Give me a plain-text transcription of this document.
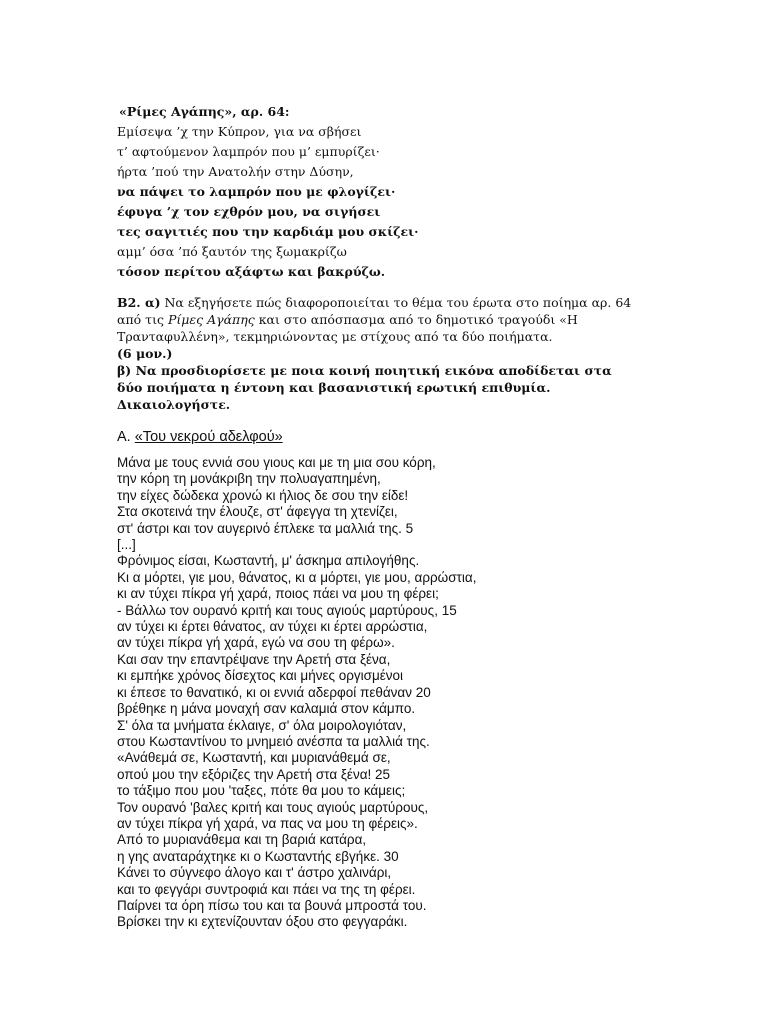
«Ρίμες Αγάπης», αρ. 64:
Εμίσεψα ’χ την Κύπρον, για να σβήσει
τ’ αφτούμενον λαμπρόν που μ’ εμπυρίζει·
ήρτα ’πού την Ανατολήν στην Δύσην,
να πάψει το λαμπρόν που με φλογίζει·
έφυγα ’χ τον εχθρόν μου, να σιγήσει
τες σαγιτιές που την καρδιάμ μου σκίζει·
αμμ’ όσα ’πό ξαυτόν της ξωμακρίζω
τόσον περίτου αξάφτω και βακρύζω.

Β2. α) Να εξηγήσετε πώς διαφοροποιείται το θέμα του έρωτα στο ποίημα αρ. 64 από τις Ρίμες Αγάπης και στο απόσπασμα από το δημοτικό τραγούδι «Η Τρανταφυλλένη», τεκμηριώνοντας με στίχους από τα δύο ποιήματα.

(6 μον.)

β) Να προσδιορίσετε με ποια κοινή ποιητική εικόνα αποδίδεται στα δύο ποιήματα η έντονη και βασανιστική ερωτική επιθυμία. Δικαιολογήστε.

Α. «Του νεκρού αδελφού»
Μάνα με τους εννιά σου γιους και με τη μια σου κόρη,
την κόρη τη μονάκριβη την πολυαγαπημένη,
την είχες δώδεκα χρονώ κι ήλιος δε σου την είδε!
Στα σκοτεινά την έλουζε, στ' άφεγγα τη χτενίζει,
στ' άστρι και τον αυγερινό έπλεκε τα μαλλιά της. 5
[...]
Φρόνιμος είσαι, Κωσταντή, μ' άσκημα απιλογήθης.
Κι α μόρτει, γιε μου, θάνατος, κι α μόρτει, γιε μου, αρρώστια,
κι αν τύχει πίκρα γή χαρά, ποιος πάει να μου τη φέρει;
- Βάλλω τον ουρανό κριτή και τους αγιούς μαρτύρους, 15
αν τύχει κι έρτει θάνατος, αν τύχει κι έρτει αρρώστια,
αν τύχει πίκρα γή χαρά, εγώ να σου τη φέρω».
Και σαν την επαντρέψανε την Αρετή στα ξένα,
κι εμπήκε χρόνος δίσεχτος και μήνες οργισμένοι
κι έπεσε το θανατικό, κι οι εννιά αδερφοί πεθάναν 20
βρέθηκε η μάνα μοναχή σαν καλαμιά στον κάμπο.
Σ' όλα τα μνήματα έκλαιγε, σ' όλα μοιρολογιόταν,
στου Κωσταντίνου το μνημειό ανέσπα τα μαλλιά της.
«Ανάθεμά σε, Κωσταντή, και μυριανάθεμά σε,
οπού μου την εξόριζες την Αρετή στα ξένα! 25
το τάξιμο που μου 'ταξες, πότε θα μου το κάμεις;
Τον ουρανό 'βαλες κριτή και τους αγιούς μαρτύρους,
αν τύχει πίκρα γή χαρά, να πας να μου τη φέρεις».
Από το μυριανάθεμα και τη βαριά κατάρα,
η γης αναταράχτηκε κι ο Κωσταντής εβγήκε. 30
Κάνει το σύγνεφο άλογο και τ' άστρο χαλινάρι,
και το φεγγάρι συντροφιά και πάει να της τη φέρει.
Παίρνει τα όρη πίσω του και τα βουνά μπροστά του.
Βρίσκει την κι εχτενίζουνταν όξου στο φεγγαράκι.
